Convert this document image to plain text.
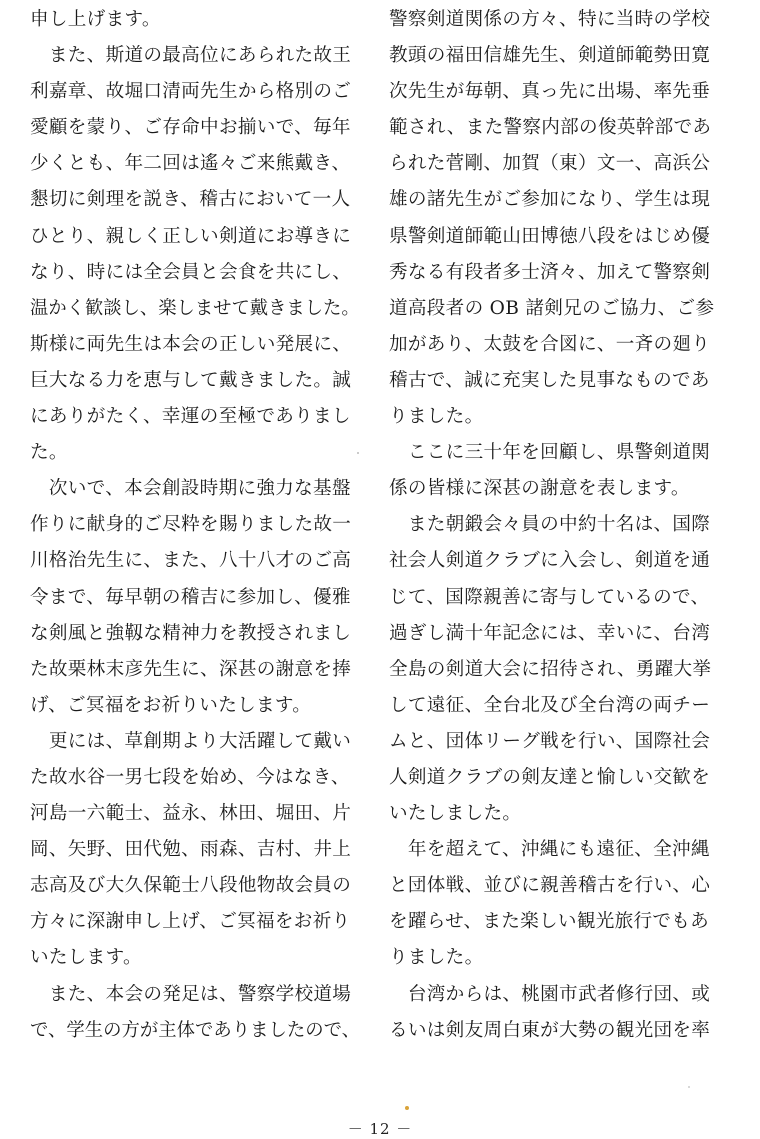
申し上げます。
　また、斯道の最高位にあられた故王
利嘉章、故堀口清両先生から格別のご
愛顧を蒙り、ご存命中お揃いで、毎年
少くとも、年二回は遙々ご来熊戴き、
懇切に剣理を説き、稽古において一人
ひとり、親しく正しい剣道にお導きに
なり、時には全会員と会食を共にし、
温かく歓談し、楽しませて戴きました。
斯様に両先生は本会の正しい発展に、
巨大なる力を恵与して戴きました。誠
にありがたく、幸運の至極でありまし
た。
　次いで、本会創設時期に強力な基盤
作りに献身的ご尽粋を賜りました故一
川格治先生に、また、八十八才のご高
令まで、毎早朝の稽吉に参加し、優雅
な剣風と強靱な精神力を教授されまし
た故栗林末彦先生に、深甚の謝意を捧
げ、ご冥福をお祈りいたします。
　更には、草創期より大活躍して戴い
た故水谷一男七段を始め、今はなき、
河島一六範士、益永、林田、堀田、片
岡、矢野、田代勉、雨森、吉村、井上
志高及び大久保範士八段他物故会員の
方々に深謝申し上げ、ご冥福をお祈り
いたします。
　また、本会の発足は、警察学校道場
で、学生の方が主体でありましたので、
警察剣道関係の方々、特に当時の学校
教頭の福田信雄先生、剣道師範勢田寛
次先生が毎朝、真っ先に出場、率先垂
範され、また警察内部の俊英幹部であ
られた菅剛、加賀（東）文一、高浜公
雄の諸先生がご参加になり、学生は現
県警剣道師範山田博徳八段をはじめ優
秀なる有段者多士済々、加えて警察剣
道高段者の OB 諸剣兄のご協力、ご参
加があり、太鼓を合図に、一斉の廻り
稽古で、誠に充実した見事なものであ
りました。
　ここに三十年を回顧し、県警剣道関
係の皆様に深甚の謝意を表します。
　また朝鍛会々員の中約十名は、国際
社会人剣道クラブに入会し、剣道を通
じて、国際親善に寄与しているので、
過ぎし満十年記念には、幸いに、台湾
全島の剣道大会に招待され、勇躍大挙
して遠征、全台北及び全台湾の両チー
ムと、団体リーグ戦を行い、国際社会
人剣道クラブの剣友達と愉しい交歓を
いたしました。
　年を超えて、沖縄にも遠征、全沖縄
と団体戦、並びに親善稽古を行い、心
を躍らせ、また楽しい観光旅行でもあ
りました。
　台湾からは、桃園市武者修行団、或
るいは剣友周白東が大勢の観光団を率
－ 12 －
